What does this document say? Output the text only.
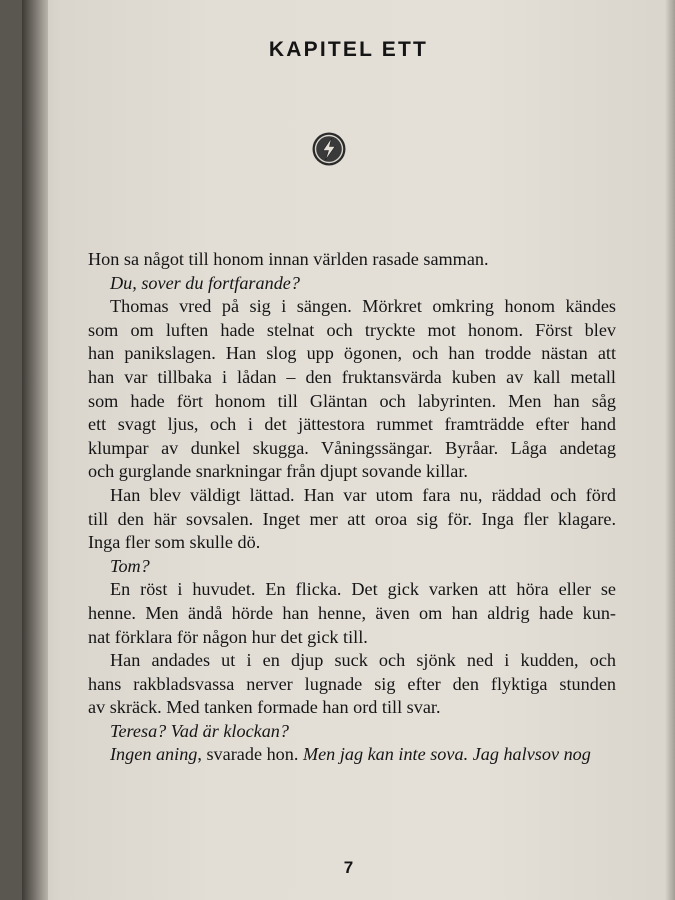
KAPITEL ETT
Hon sa något till honom innan världen rasade samman.
Du, sover du fortfarande?
Thomas vred på sig i sängen. Mörkret omkring honom kändes
som om luften hade stelnat och tryckte mot honom. Först blev
han panikslagen. Han slog upp ögonen, och han trodde nästan att
han var tillbaka i lådan – den fruktansvärda kuben av kall metall
som hade fört honom till Gläntan och labyrinten. Men han såg
ett svagt ljus, och i det jättestora rummet framträdde efter hand
klumpar av dunkel skugga. Våningssängar. Byråar. Låga andetag
och gurglande snarkningar från djupt sovande killar.
Han blev väldigt lättad. Han var utom fara nu, räddad och förd
till den här sovsalen. Inget mer att oroa sig för. Inga fler klagare.
Inga fler som skulle dö.
Tom?
En röst i huvudet. En flicka. Det gick varken att höra eller se
henne. Men ändå hörde han henne, även om han aldrig hade kun-
nat förklara för någon hur det gick till.
Han andades ut i en djup suck och sjönk ned i kudden, och
hans rakbladsvassa nerver lugnade sig efter den flyktiga stunden
av skräck. Med tanken formade han ord till svar.
Teresa? Vad är klockan?
Ingen aning, svarade hon. Men jag kan inte sova. Jag halvsov nog
7
